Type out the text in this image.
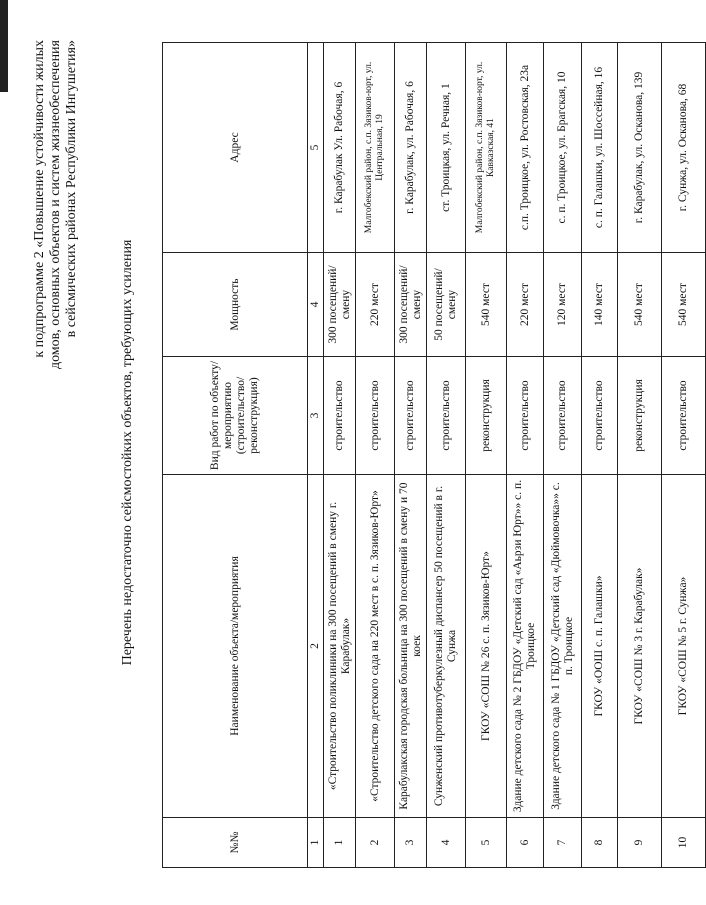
к подпрограмме 2 «Повышение устойчивости жилых домов, основных объектов и систем жизнеобеспечения в сейсмических районах Республики Ингушетия»
Перечень недостаточно сейсмостойких объектов, требующих усиления
№№	Наименование объекта/мероприятия	Вид работ по объекту/ мероприятию (строительство/ реконструкция)	Мощность	Адрес
1	2	3	4	5
1	«Строительство поликлиники на 300 посещений в смену г. Карабулак»	строительство	300 посещений/смену	г. Карабулак Ул. Рабочая, 6
2	«Строительство детского сада на 220 мест в с. п. Зязиков-Юрт»	строительство	220 мест	Малгобекский район, с.п. Зязиков-юрт, ул. Центральная, 19
3	Карабулакская городская больница на 300 посещений в смену и 70 коек	строительство	300 посещений/смену	г. Карабулак, ул. Рабочая, 6
4	Сунженский противотуберкулезный диспансер 50 посещений в г. Сунжа	строительство	50 посещений/смену	ст. Троицкая, ул. Речная, 1
5	ГКОУ «СОШ № 26 с. п. Зязиков-Юрт»	реконструкция	540 мест	Малгобекский район, с.п. Зязиков-юрт, ул. Кавказская, 41
6	Здание детского сада № 2 ГБДОУ «Детский сад «Аьрзи Юрт»» с. п. Троицкое	строительство	220 мест	с.п. Троицкое, ул. Ростовская, 23а
7	Здание детского сада № 1 ГБДОУ «Детский сад «Дюймовочка»» с. п. Троицкое	строительство	120 мест	с. п. Троицкое, ул. Брагская, 10
8	ГКОУ «ООШ с. п. Галашки»	строительство	140 мест	с. п. Галашки, ул. Шоссейная, 16
9	ГКОУ «СОШ № 3 г. Карабулак»	реконструкция	540 мест	г. Карабулак, ул. Осканова, 139
10	ГКОУ «СОШ № 5 г. Сунжа»	строительство	540 мест	г. Сунжа, ул. Осканова, 68
